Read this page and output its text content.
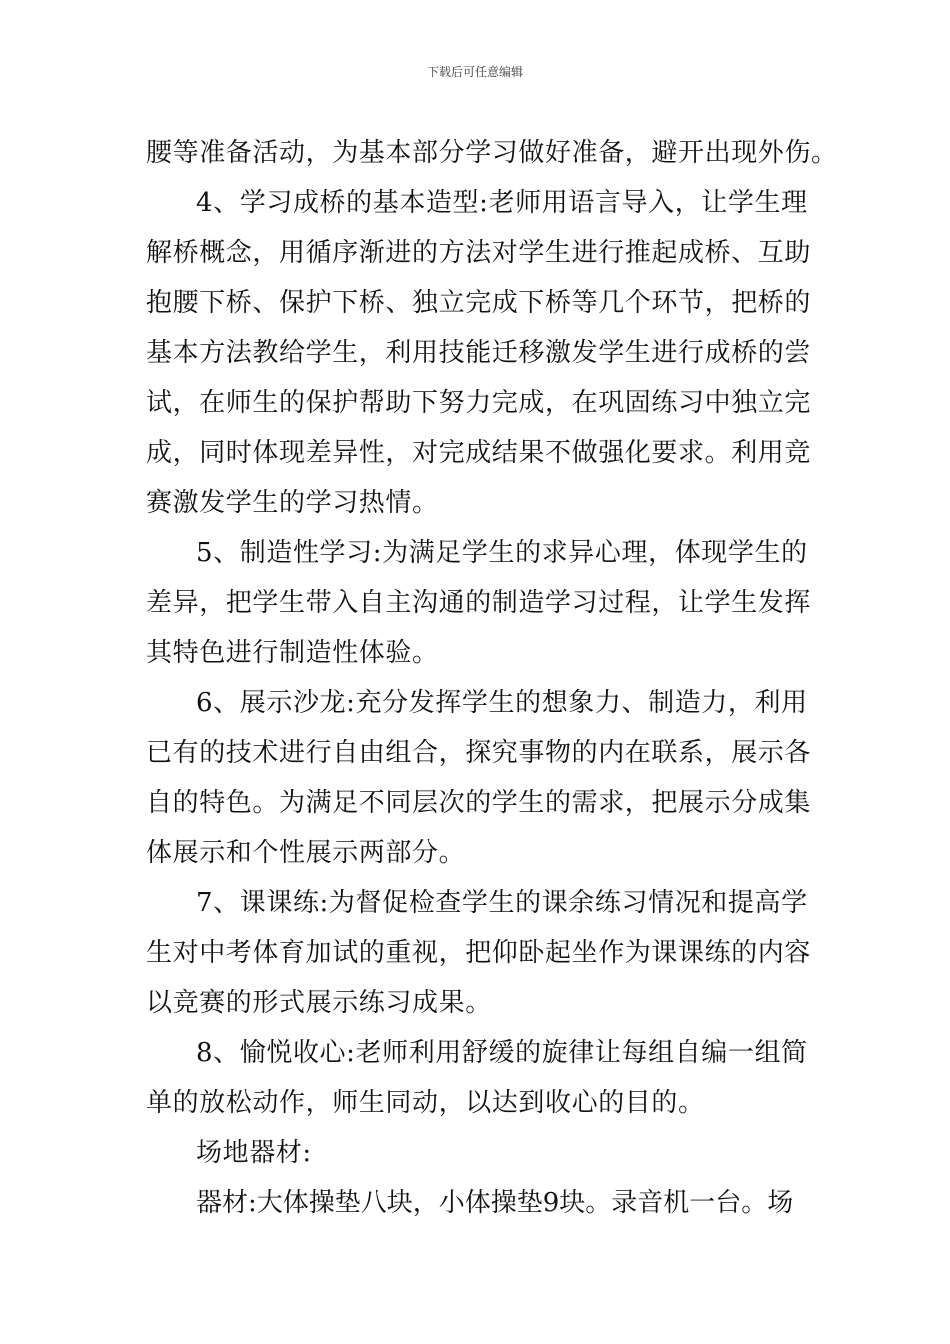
下载后可任意编辑
腰等准备活动，为基本部分学习做好准备，避开出现外伤。
4、学习成桥的基本造型:老师用语言导入，让学生理
解桥概念，用循序渐进的方法对学生进行推起成桥、互助
抱腰下桥、保护下桥、独立完成下桥等几个环节，把桥的
基本方法教给学生，利用技能迁移激发学生进行成桥的尝
试，在师生的保护帮助下努力完成，在巩固练习中独立完
成，同时体现差异性，对完成结果不做强化要求。利用竞
赛激发学生的学习热情。
5、制造性学习:为满足学生的求异心理，体现学生的
差异，把学生带入自主沟通的制造学习过程，让学生发挥
其特色进行制造性体验。
6、展示沙龙:充分发挥学生的想象力、制造力，利用
已有的技术进行自由组合，探究事物的内在联系，展示各
自的特色。为满足不同层次的学生的需求，把展示分成集
体展示和个性展示两部分。
7、课课练:为督促检查学生的课余练习情况和提高学
生对中考体育加试的重视，把仰卧起坐作为课课练的内容
以竞赛的形式展示练习成果。
8、愉悦收心:老师利用舒缓的旋律让每组自编一组简
单的放松动作，师生同动，以达到收心的目的。
场地器材:
器材:大体操垫八块，小体操垫9块。录音机一台。场
